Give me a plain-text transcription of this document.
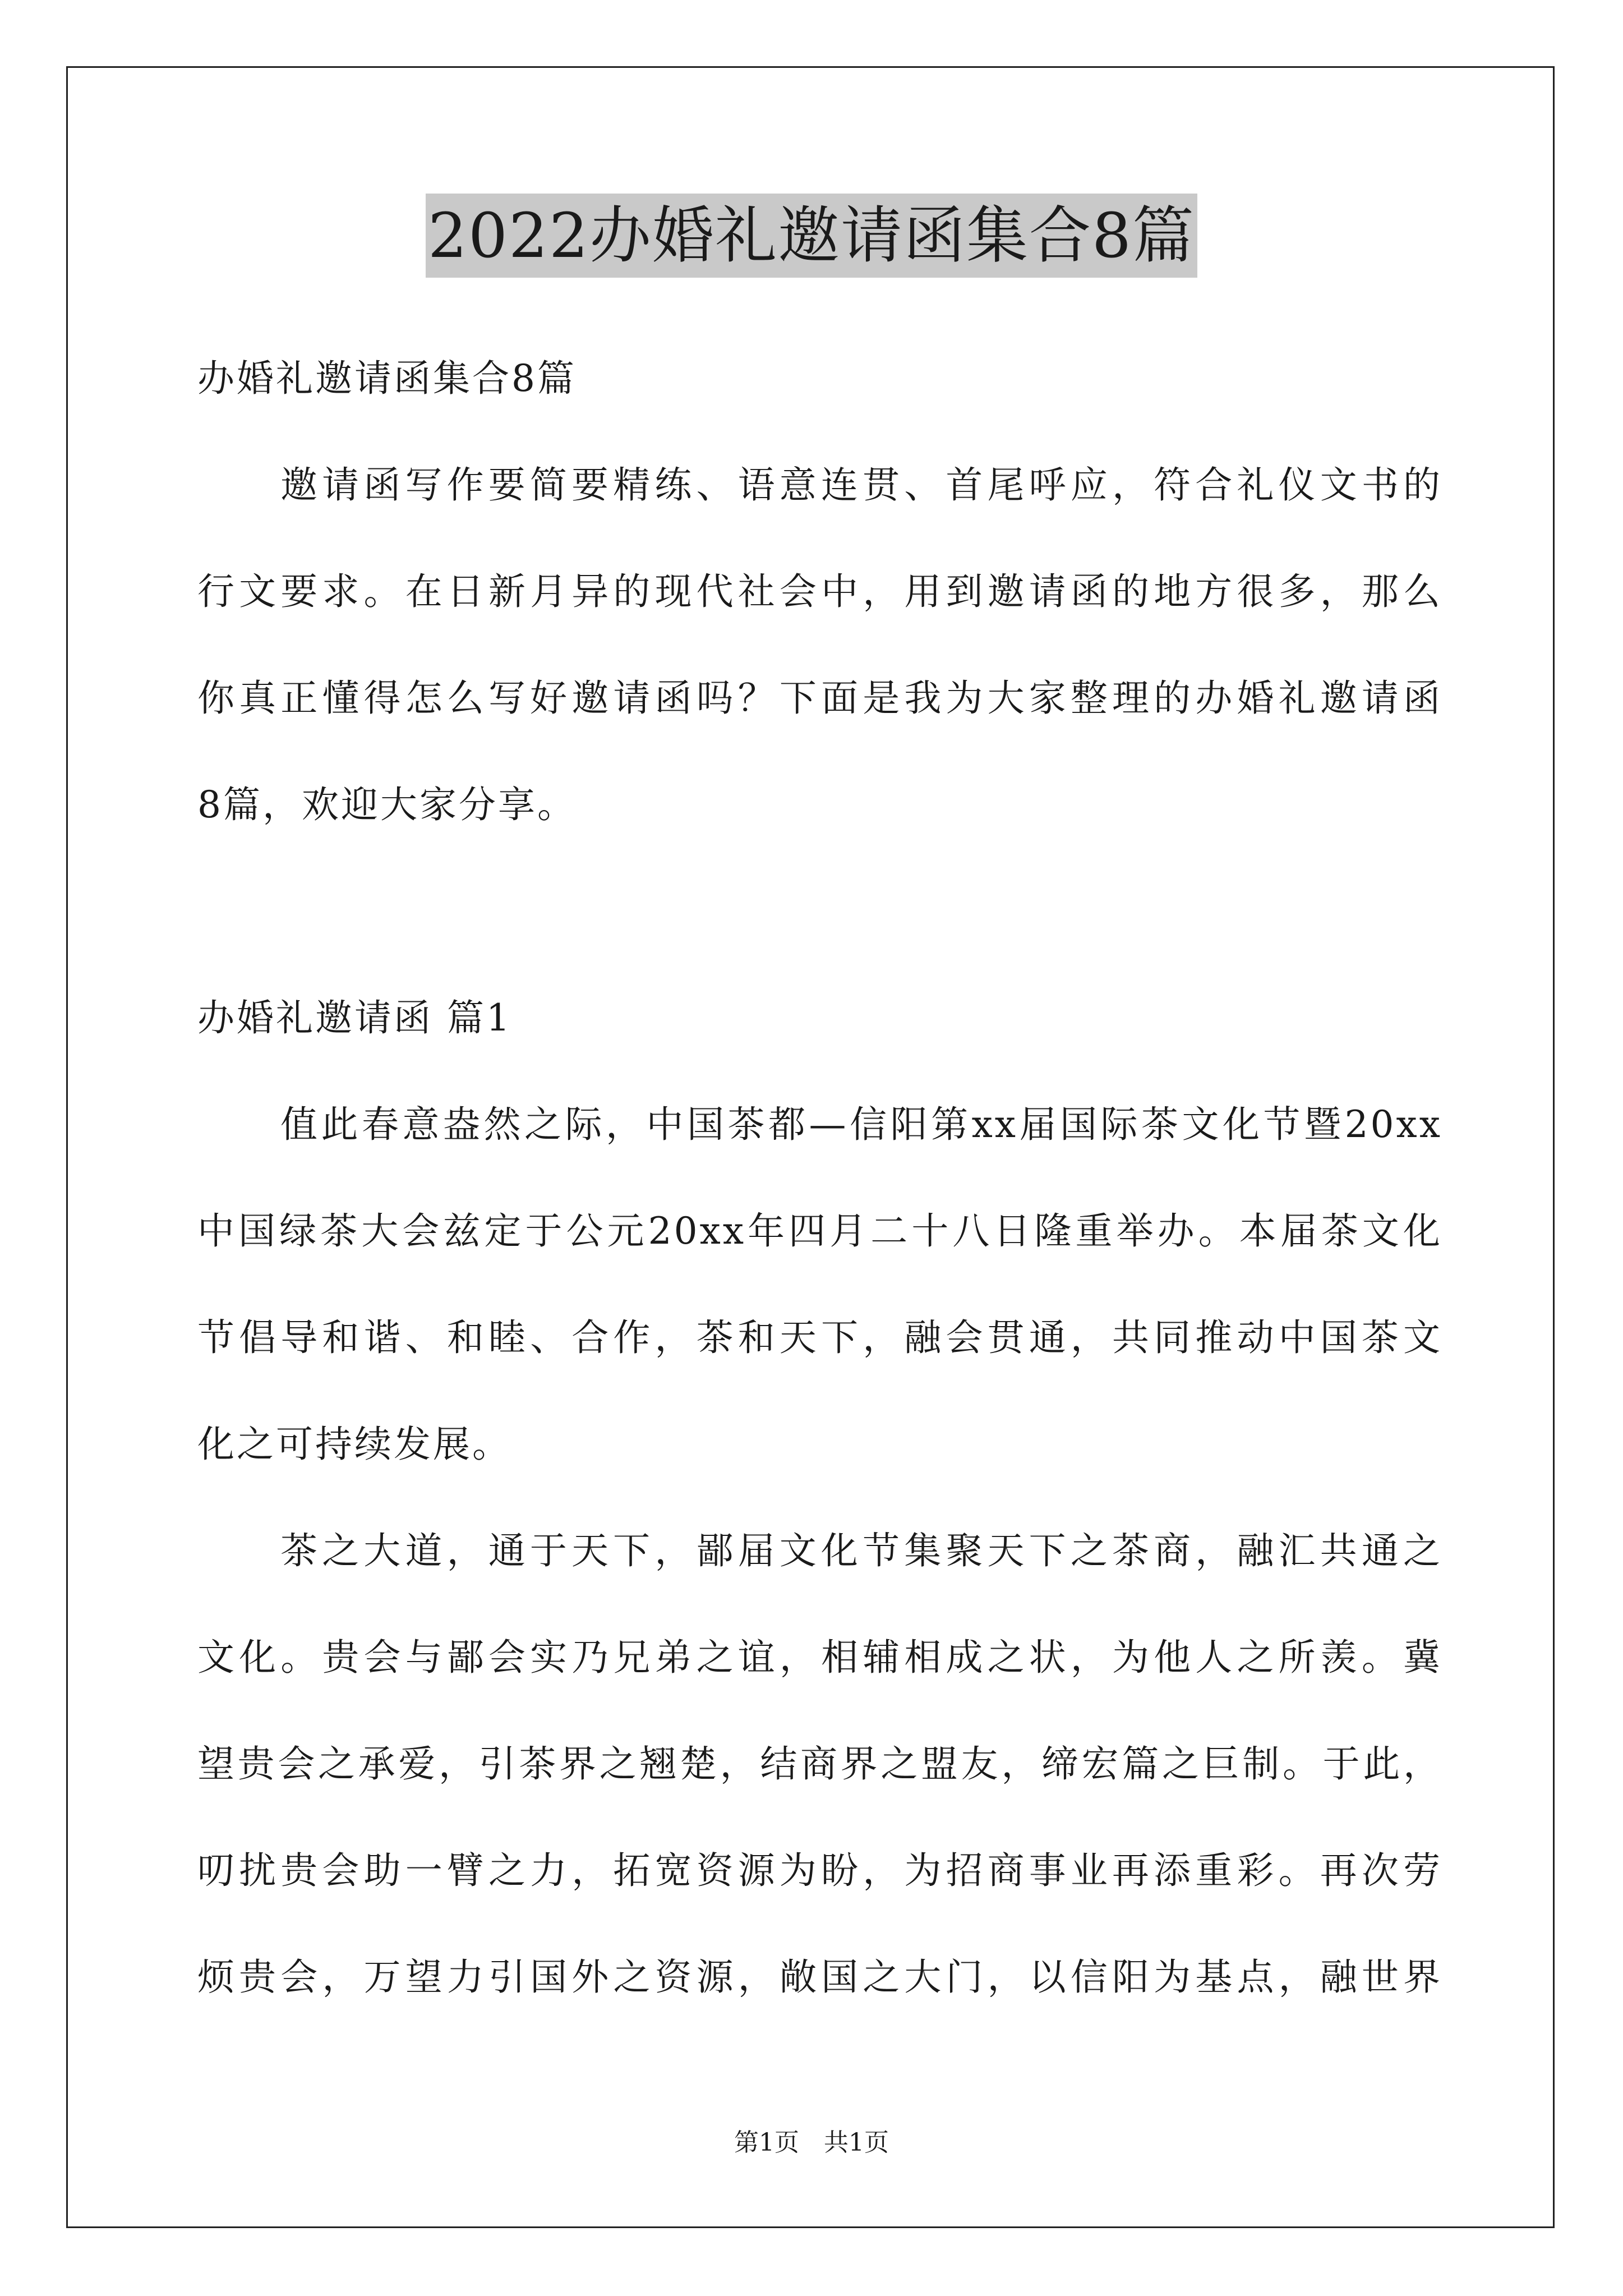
2022办婚礼邀请函集合8篇
办婚礼邀请函集合8篇
邀请函写作要简要精练、语意连贯、首尾呼应，符合礼仪文书的
行文要求。在日新月异的现代社会中，用到邀请函的地方很多，那么
你真正懂得怎么写好邀请函吗？下面是我为大家整理的办婚礼邀请函
8篇，欢迎大家分享。
办婚礼邀请函 篇1
值此春意盎然之际，中国茶都—信阳第xx届国际茶文化节暨20xx
中国绿茶大会兹定于公元20xx年四月二十八日隆重举办。本届茶文化
节倡导和谐、和睦、合作，茶和天下，融会贯通，共同推动中国茶文
化之可持续发展。
茶之大道，通于天下，鄙届文化节集聚天下之茶商，融汇共通之
文化。贵会与鄙会实乃兄弟之谊，相辅相成之状，为他人之所羡。冀
望贵会之承爱，引茶界之翘楚，结商界之盟友，缔宏篇之巨制。于此，
叨扰贵会助一臂之力，拓宽资源为盼，为招商事业再添重彩。再次劳
烦贵会，万望力引国外之资源，敞国之大门，以信阳为基点，融世界
第1页　共1页
